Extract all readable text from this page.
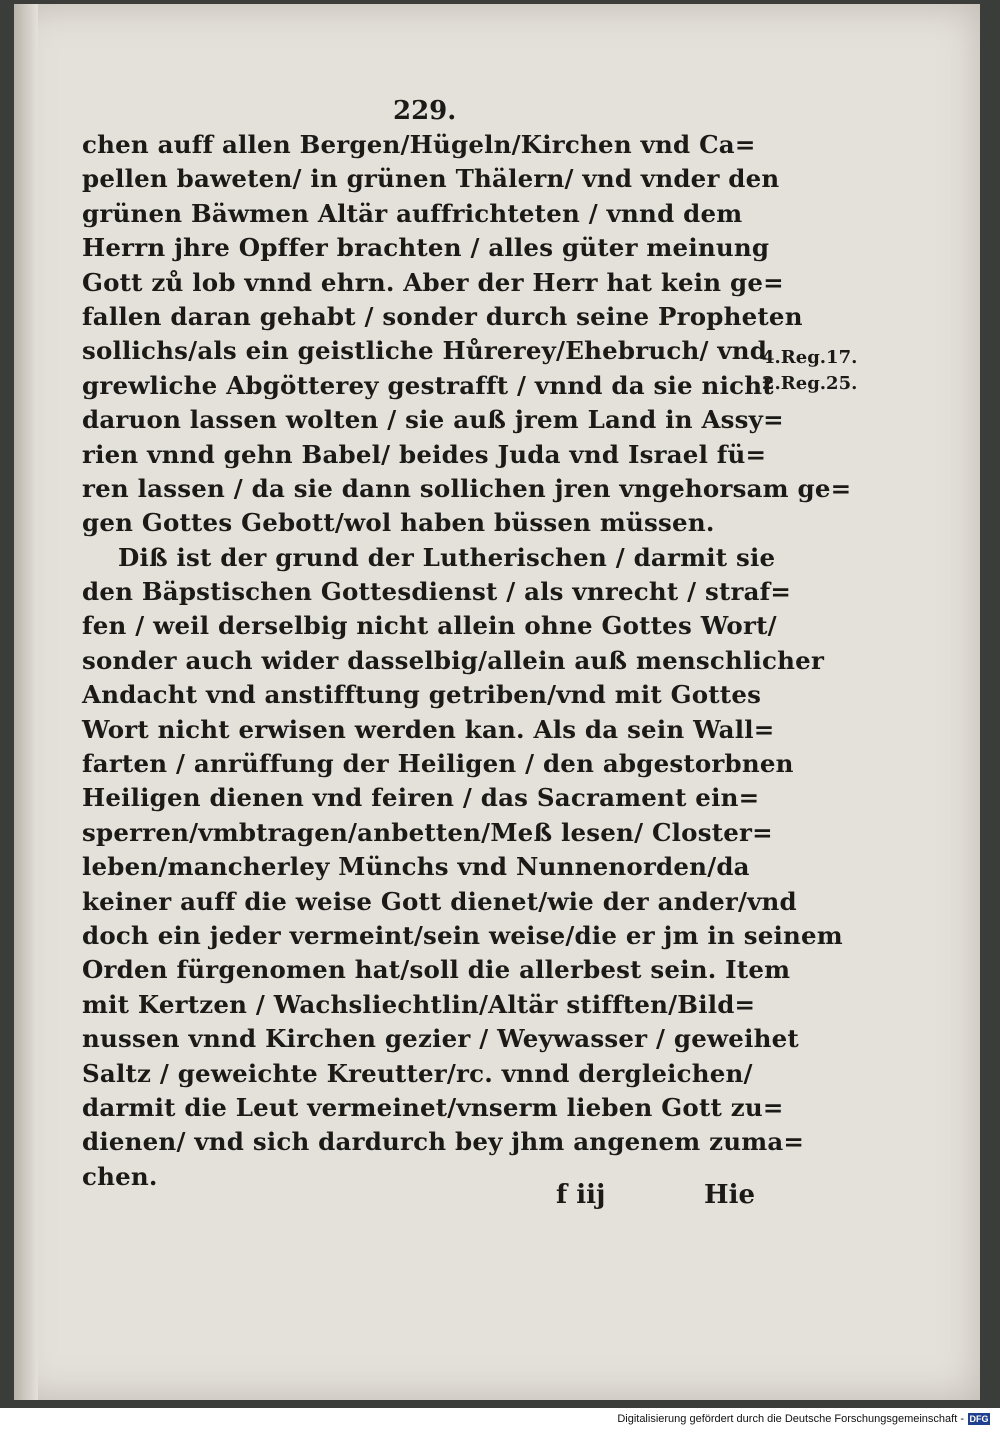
229.
chen auff allen Bergen/Hügeln/Kirchen vnd Ca=
pellen baweten/ in grünen Thälern/ vnd vnder den
grünen Bäwmen Altär auffrichteten / vnnd dem
Herrn jhre Opffer brachten / alles güter meinung
Gott zů lob vnnd ehrn. Aber der Herr hat kein ge=
fallen daran gehabt / sonder durch seine Propheten
sollichs/als ein geistliche Hůrerey/Ehebruch/ vnd
grewliche Abgötterey gestrafft / vnnd da sie nicht
daruon lassen wolten / sie auß jrem Land in Assy=
rien vnnd gehn Babel/ beides Juda vnd Israel fü=
ren lassen / da sie dann sollichen jren vngehorsam ge=
gen Gottes Gebott/wol haben büssen müssen.
Diß ist der grund der Lutherischen / darmit sie
den Bäpstischen Gottesdienst / als vnrecht / straf=
fen / weil derselbig nicht allein ohne Gottes Wort/
sonder auch wider dasselbig/allein auß menschlicher
Andacht vnd anstifftung getriben/vnd mit Gottes
Wort nicht erwisen werden kan. Als da sein Wall=
farten / anrüffung der Heiligen / den abgestorbnen
Heiligen dienen vnd feiren / das Sacrament ein=
sperren/vmbtragen/anbetten/Meß lesen/ Closter=
leben/mancherley Münchs vnd Nunnenorden/da
keiner auff die weise Gott dienet/wie der ander/vnd
doch ein jeder vermeint/sein weise/die er jm in seinem
Orden fürgenomen hat/soll die allerbest sein. Item
mit Kertzen / Wachsliechtlin/Altär stifften/Bild=
nussen vnnd Kirchen gezier / Weywasser / geweihet
Saltz / geweichte Kreutter/rc. vnnd dergleichen/
darmit die Leut vermeinet/vnserm lieben Gott zu=
dienen/ vnd sich dardurch bey jhm angenem zuma=
chen.
4.Reg.17.
2.Reg.25.
f iij	Hie
Digitalisierung gefördert durch die Deutsche Forschungsgemeinschaft - DFG
